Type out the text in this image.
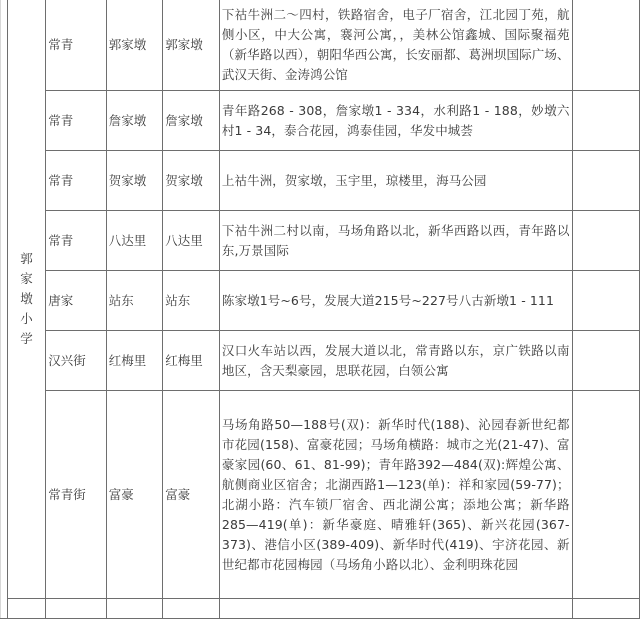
	郭
家
墩
小
学	常青	郭家墩	郭家墩	下祜牛洲二～四村，铁路宿舍，电子厂宿舍，江北园丁苑，航侧小区，中大公寓，褰河公寓，，美林公馆鑫城、国际聚福苑（新华路以西），朝阳华西公寓，长安丽都、葛洲坝国际广场、武汉天街、金涛鸿公馆	
		常青	詹家墩	詹家墩	青年路268 - 308，詹家墩1 - 334，水利路1 - 188，妙墩六村1 - 34，泰合花园，鸿泰佳园，华发中城荟	
		常青	贺家墩	贺家墩	上祜牛洲，贺家墩，玉宇里，琼楼里，海马公园	
		常青	八达里	八达里	下祜牛洲二村以南，马场角路以北，新华西路以西，青年路以东,万景国际	
		唐家	站东	站东	陈家墩1号~6号，发展大道215号~227号八古新墩1 - 111	
		汉兴街	红梅里	红梅里	汉口火车站以西，发展大道以北，常青路以东，京广铁路以南地区，含天梨豪园，思联花园，白领公寓	
		常青街	富豪	富豪	马场角路50—188号(双)：新华时代(188)、沁园春新世纪都市花园(158)、富豪花园；马场角横路：城市之光(21-47)、富豪家园(60、61、81-99)；青年路392—484(双):辉煌公寓、航侧商业区宿舍；北湖西路1—123(单)：祥和家园(59-77)；北湖小路：汽车锁厂宿舍、西北湖公寓；添地公寓；新华路285—419(单)：新华豪庭、晴雅轩(365)、新兴花园(367-373)、港信小区(389-409)、新华时代(419)、宇济花园、新世纪都市花园梅园（马场角小路以北）、金利明珠花园	
